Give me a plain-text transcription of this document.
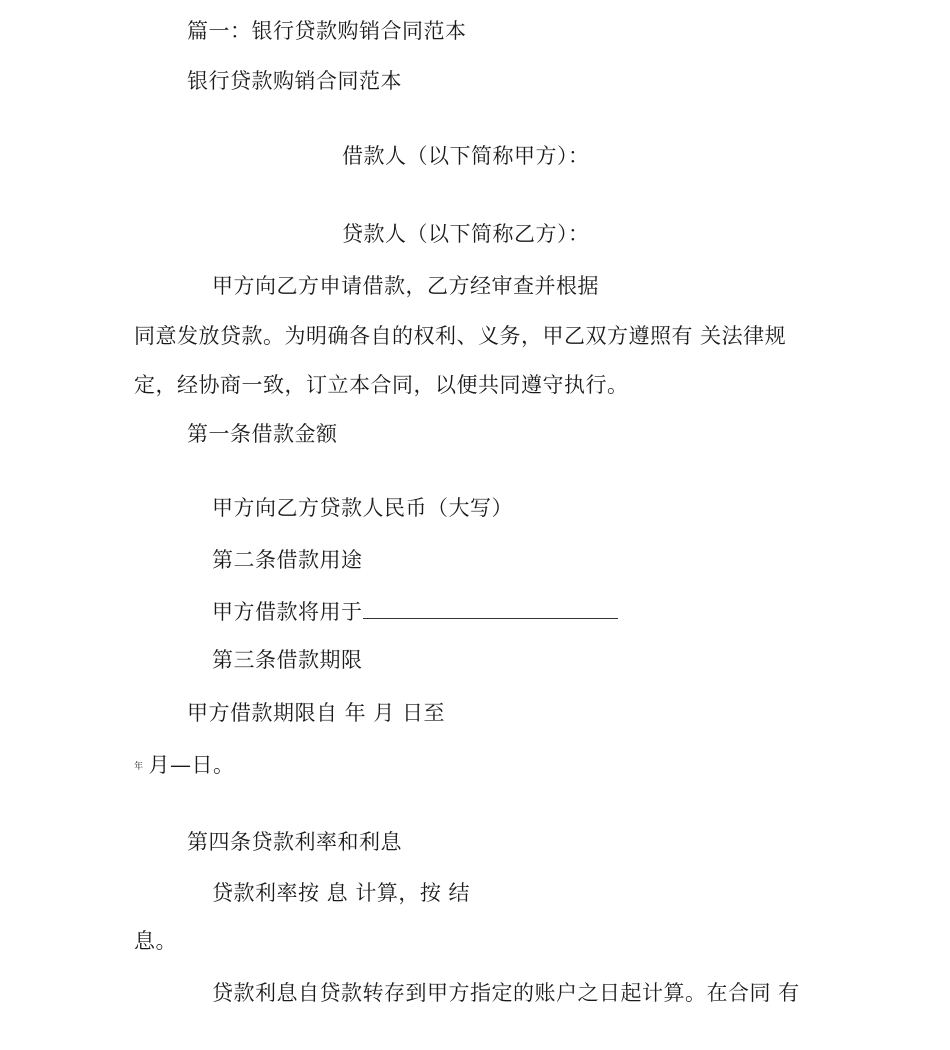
篇一：银行贷款购销合同范本
银行贷款购销合同范本
借款人（以下简称甲方）：
贷款人（以下简称乙方）：
甲方向乙方申请借款，乙方经审查并根据
同意发放贷款。为明确各自的权利、义务，甲乙双方遵照有 关法律规
定，经协商一致，订立本合同，以便共同遵守执行。
第一条借款金额
甲方向乙方贷款人民币（大写）
第二条借款用途
甲方借款将用于
第三条借款期限
甲方借款期限自 年 月 日至
年 月—日。
第四条贷款利率和利息
贷款利率按 息 计算，按 结
息。
贷款利息自贷款转存到甲方指定的账户之日起计算。在合同 有
